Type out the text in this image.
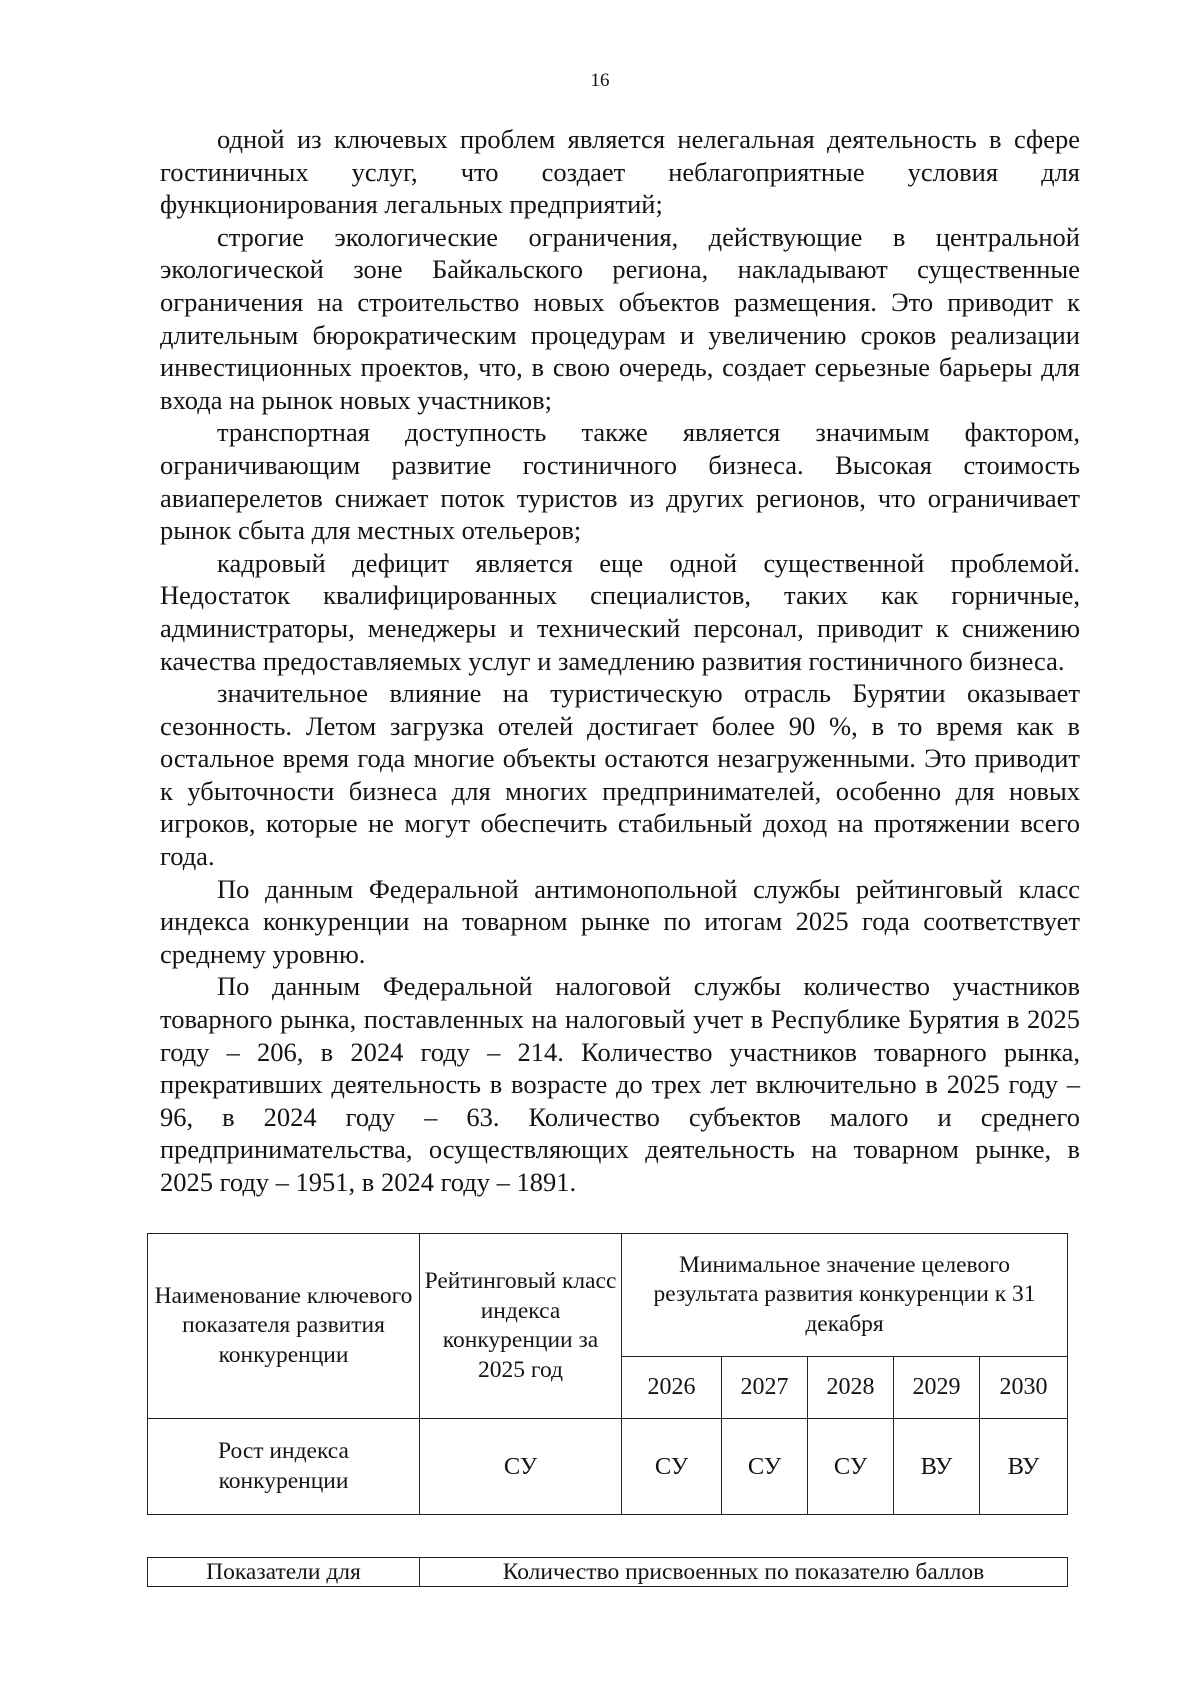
16

одной из ключевых проблем является нелегальная деятельность в сфере гостиничных услуг, что создает неблагоприятные условия для функционирования легальных предприятий;

строгие экологические ограничения, действующие в центральной экологической зоне Байкальского региона, накладывают существенные ограничения на строительство новых объектов размещения. Это приводит к длительным бюрократическим процедурам и увеличению сроков реализации инвестиционных проектов, что, в свою очередь, создает серьезные барьеры для входа на рынок новых участников;

транспортная доступность также является значимым фактором, ограничивающим развитие гостиничного бизнеса. Высокая стоимость авиаперелетов снижает поток туристов из других регионов, что ограничивает рынок сбыта для местных отельеров;

кадровый дефицит является еще одной существенной проблемой. Недостаток квалифицированных специалистов, таких как горничные, администраторы, менеджеры и технический персонал, приводит к снижению качества предоставляемых услуг и замедлению развития гостиничного бизнеса.

значительное влияние на туристическую отрасль Бурятии оказывает сезонность. Летом загрузка отелей достигает более 90 %, в то время как в остальное время года многие объекты остаются незагруженными. Это приводит к убыточности бизнеса для многих предпринимателей, особенно для новых игроков, которые не могут обеспечить стабильный доход на протяжении всего года.

По данным Федеральной антимонопольной службы рейтинговый класс индекса конкуренции на товарном рынке по итогам 2025 года соответствует среднему уровню.

По данным Федеральной налоговой службы количество участников товарного рынка, поставленных на налоговый учет в Республике Бурятия в 2025 году – 206, в 2024 году – 214. Количество участников товарного рынка, прекративших деятельность в возрасте до трех лет включительно в 2025 году – 96, в 2024 году – 63. Количество субъектов малого и среднего предпринимательства, осуществляющих деятельность на товарном рынке, в 2025 году – 1951, в 2024 году – 1891.

Наименование ключевого показателя развития конкуренции	Рейтинговый класс индекса конкуренции за 2025 год	Минимальное значение целевого результата развития конкуренции к 31 декабря				
		2026	2027	2028	2029	2030
Рост индекса конкуренции	СУ	СУ	СУ	СУ	ВУ	ВУ
Показатели для	Количество присвоенных по показателю баллов
